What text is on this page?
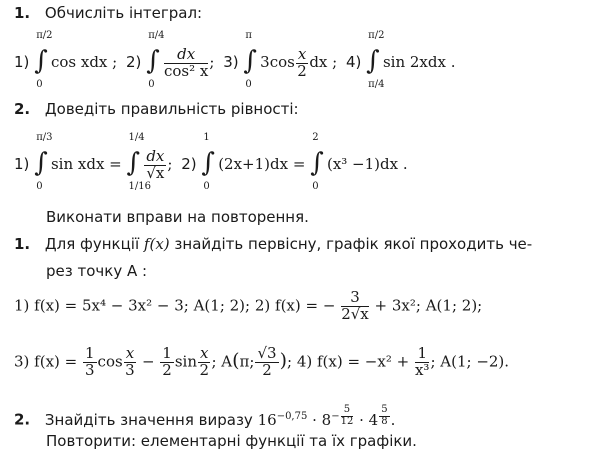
1. Обчисліть інтеграл:
1) ∫
π/2
0
cos xdx ; 2) ∫
π/4
0

$\frac{dx}{\text{cos² x}}$ ; 3) ∫
π
0
$3\cos \frac{x}{2}$ dx ; 4) ∫
π/2
π/4
sin 2xdx .
2. Доведіть правильність рівності:
1) ∫
π/3
0
sin xdx = ∫
1/4
1/16

$\frac{dx}{√x}$ ; 2) ∫
1
0
(2x+1)dx = ∫
2
0
(x³ −1)dx .
Виконати вправи на повторення.
1. Для функції f(x) знайдіть первісну, графік якої проходить че-
рез точку A :
1) f(x) = 5x⁴ − 3x² − 3; A(1; 2); 2) f(x) = − $\frac{3}{2√x} + 3x^2$; A(1; 2);
3) $f(x) = \frac{1}{3}$ $\cos \frac{x}{3} - \frac{1}{2}$ $\sin \frac{x}{2}$ ; A(π; $\frac{√3}{2}$ ); 4) $f(x) = -x^2 + \frac{1}{\text{x³}}$ ; A(1; −2).
2. Знайдіть значення виразу $16^{-0,75} \cdot 8^{- \frac{5}{12}} \cdot 4$ $^{\frac{5}{8}}$ .
Повторити: елементарні функції та їх графіки.
